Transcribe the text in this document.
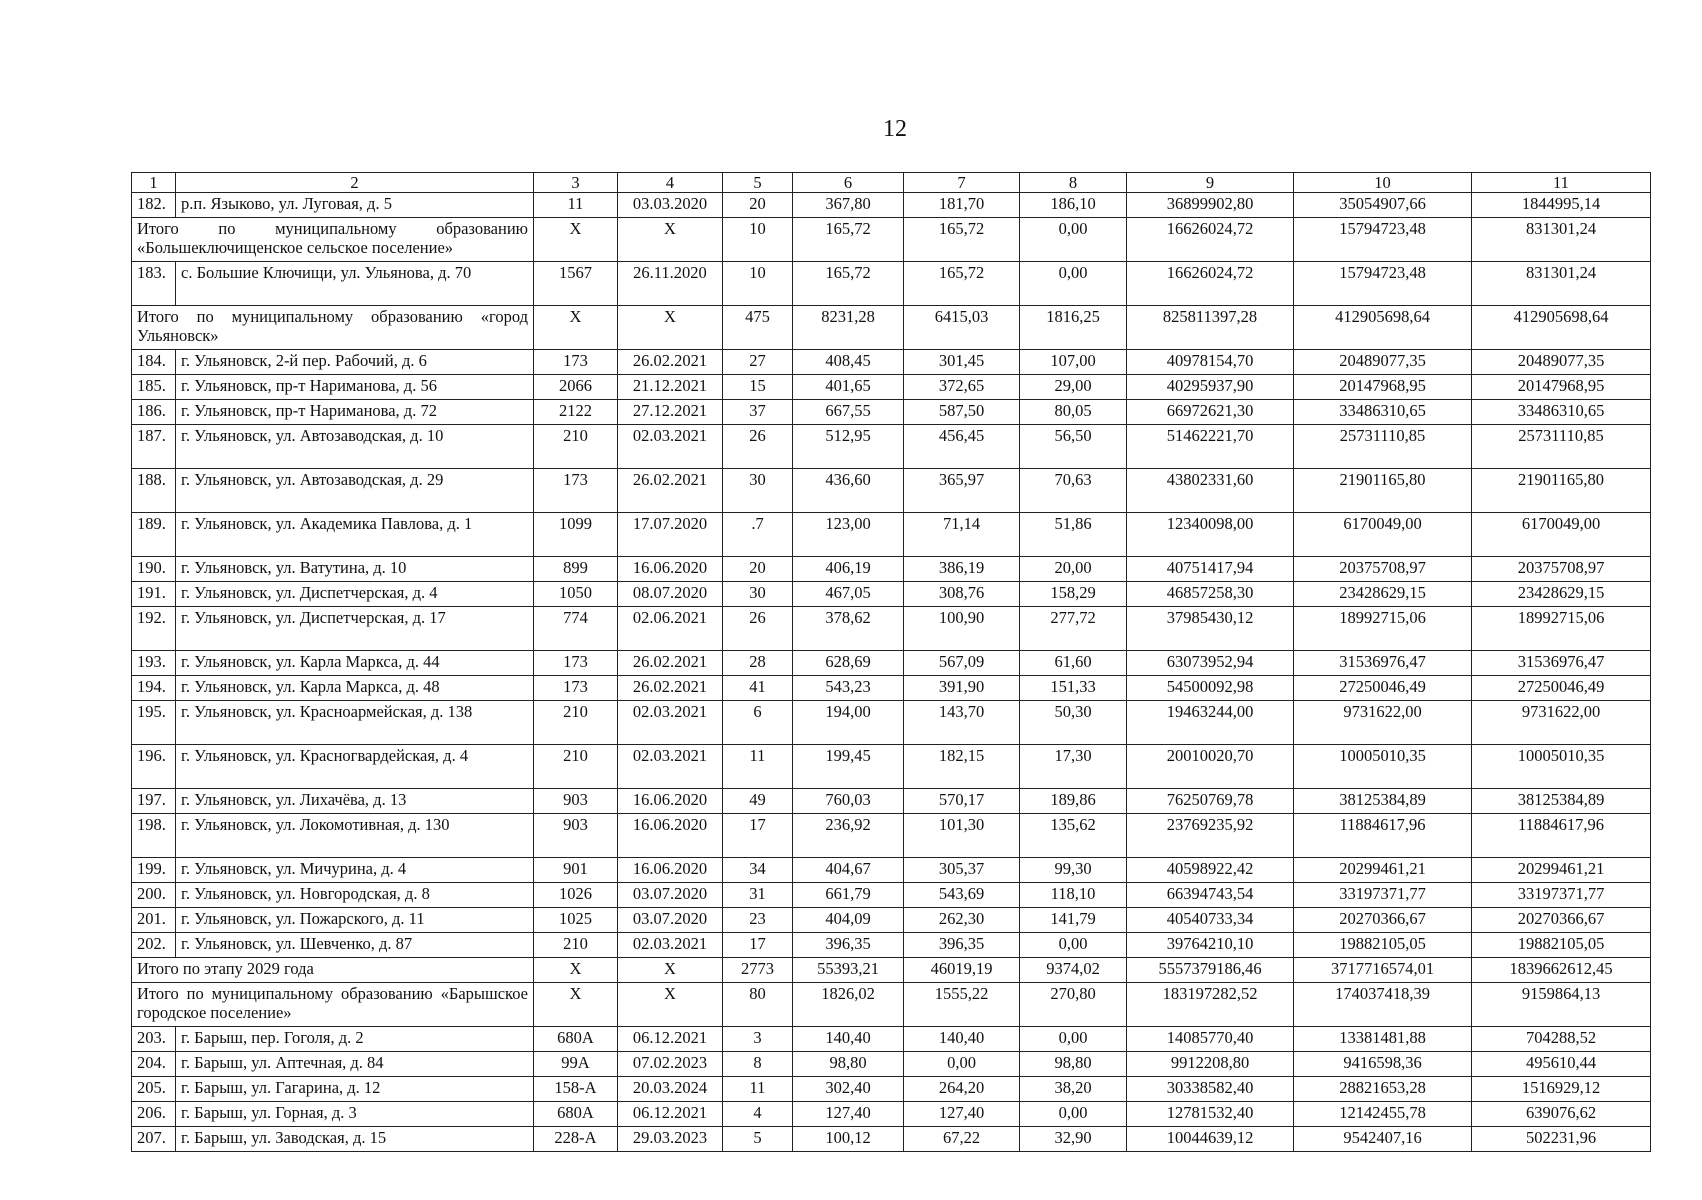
12
1	2	3	4	5	6	7	8	9	10	11
182.	р.п. Языково, ул. Луговая, д. 5	11	03.03.2020	20	367,80	181,70	186,10	36899902,80	35054907,66	1844995,14
Итого по муниципальному образованию «Большеключищенское сельское поселение»		X	X	10	165,72	165,72	0,00	16626024,72	15794723,48	831301,24
183.	с. Большие Ключищи, ул. Ульянова, д. 70	1567	26.11.2020	10	165,72	165,72	0,00	16626024,72	15794723,48	831301,24
Итого по муниципальному образованию «город Ульяновск»		X	X	475	8231,28	6415,03	1816,25	825811397,28	412905698,64	412905698,64
184.	г. Ульяновск, 2-й пер. Рабочий, д. 6	173	26.02.2021	27	408,45	301,45	107,00	40978154,70	20489077,35	20489077,35
185.	г. Ульяновск, пр-т Нариманова, д. 56	2066	21.12.2021	15	401,65	372,65	29,00	40295937,90	20147968,95	20147968,95
186.	г. Ульяновск, пр-т Нариманова, д. 72	2122	27.12.2021	37	667,55	587,50	80,05	66972621,30	33486310,65	33486310,65
187.	г. Ульяновск, ул. Автозаводская, д. 10	210	02.03.2021	26	512,95	456,45	56,50	51462221,70	25731110,85	25731110,85
188.	г. Ульяновск, ул. Автозаводская, д. 29	173	26.02.2021	30	436,60	365,97	70,63	43802331,60	21901165,80	21901165,80
189.	г. Ульяновск, ул. Академика Павлова, д. 1	1099	17.07.2020	.7	123,00	71,14	51,86	12340098,00	6170049,00	6170049,00
190.	г. Ульяновск, ул. Ватутина, д. 10	899	16.06.2020	20	406,19	386,19	20,00	40751417,94	20375708,97	20375708,97
191.	г. Ульяновск, ул. Диспетчерская, д. 4	1050	08.07.2020	30	467,05	308,76	158,29	46857258,30	23428629,15	23428629,15
192.	г. Ульяновск, ул. Диспетчерская, д. 17	774	02.06.2021	26	378,62	100,90	277,72	37985430,12	18992715,06	18992715,06
193.	г. Ульяновск, ул. Карла Маркса, д. 44	173	26.02.2021	28	628,69	567,09	61,60	63073952,94	31536976,47	31536976,47
194.	г. Ульяновск, ул. Карла Маркса, д. 48	173	26.02.2021	41	543,23	391,90	151,33	54500092,98	27250046,49	27250046,49
195.	г. Ульяновск, ул. Красноармейская, д. 138	210	02.03.2021	6	194,00	143,70	50,30	19463244,00	9731622,00	9731622,00
196.	г. Ульяновск, ул. Красногвардейская, д. 4	210	02.03.2021	11	199,45	182,15	17,30	20010020,70	10005010,35	10005010,35
197.	г. Ульяновск, ул. Лихачёва, д. 13	903	16.06.2020	49	760,03	570,17	189,86	76250769,78	38125384,89	38125384,89
198.	г. Ульяновск, ул. Локомотивная, д. 130	903	16.06.2020	17	236,92	101,30	135,62	23769235,92	11884617,96	11884617,96
199.	г. Ульяновск, ул. Мичурина, д. 4	901	16.06.2020	34	404,67	305,37	99,30	40598922,42	20299461,21	20299461,21
200.	г. Ульяновск, ул. Новгородская, д. 8	1026	03.07.2020	31	661,79	543,69	118,10	66394743,54	33197371,77	33197371,77
201.	г. Ульяновск, ул. Пожарского, д. 11	1025	03.07.2020	23	404,09	262,30	141,79	40540733,34	20270366,67	20270366,67
202.	г. Ульяновск, ул. Шевченко, д. 87	210	02.03.2021	17	396,35	396,35	0,00	39764210,10	19882105,05	19882105,05
Итого по этапу 2029 года		X	X	2773	55393,21	46019,19	9374,02	5557379186,46	3717716574,01	1839662612,45
Итого по муниципальному образованию «Барышское городское поселение»		X	X	80	1826,02	1555,22	270,80	183197282,52	174037418,39	9159864,13
203.	г. Барыш, пер. Гоголя, д. 2	680А	06.12.2021	3	140,40	140,40	0,00	14085770,40	13381481,88	704288,52
204.	г. Барыш, ул. Аптечная, д. 84	99А	07.02.2023	8	98,80	0,00	98,80	9912208,80	9416598,36	495610,44
205.	г. Барыш, ул. Гагарина, д. 12	158-А	20.03.2024	11	302,40	264,20	38,20	30338582,40	28821653,28	1516929,12
206.	г. Барыш, ул. Горная, д. 3	680А	06.12.2021	4	127,40	127,40	0,00	12781532,40	12142455,78	639076,62
207.	г. Барыш, ул. Заводская, д. 15	228-А	29.03.2023	5	100,12	67,22	32,90	10044639,12	9542407,16	502231,96
